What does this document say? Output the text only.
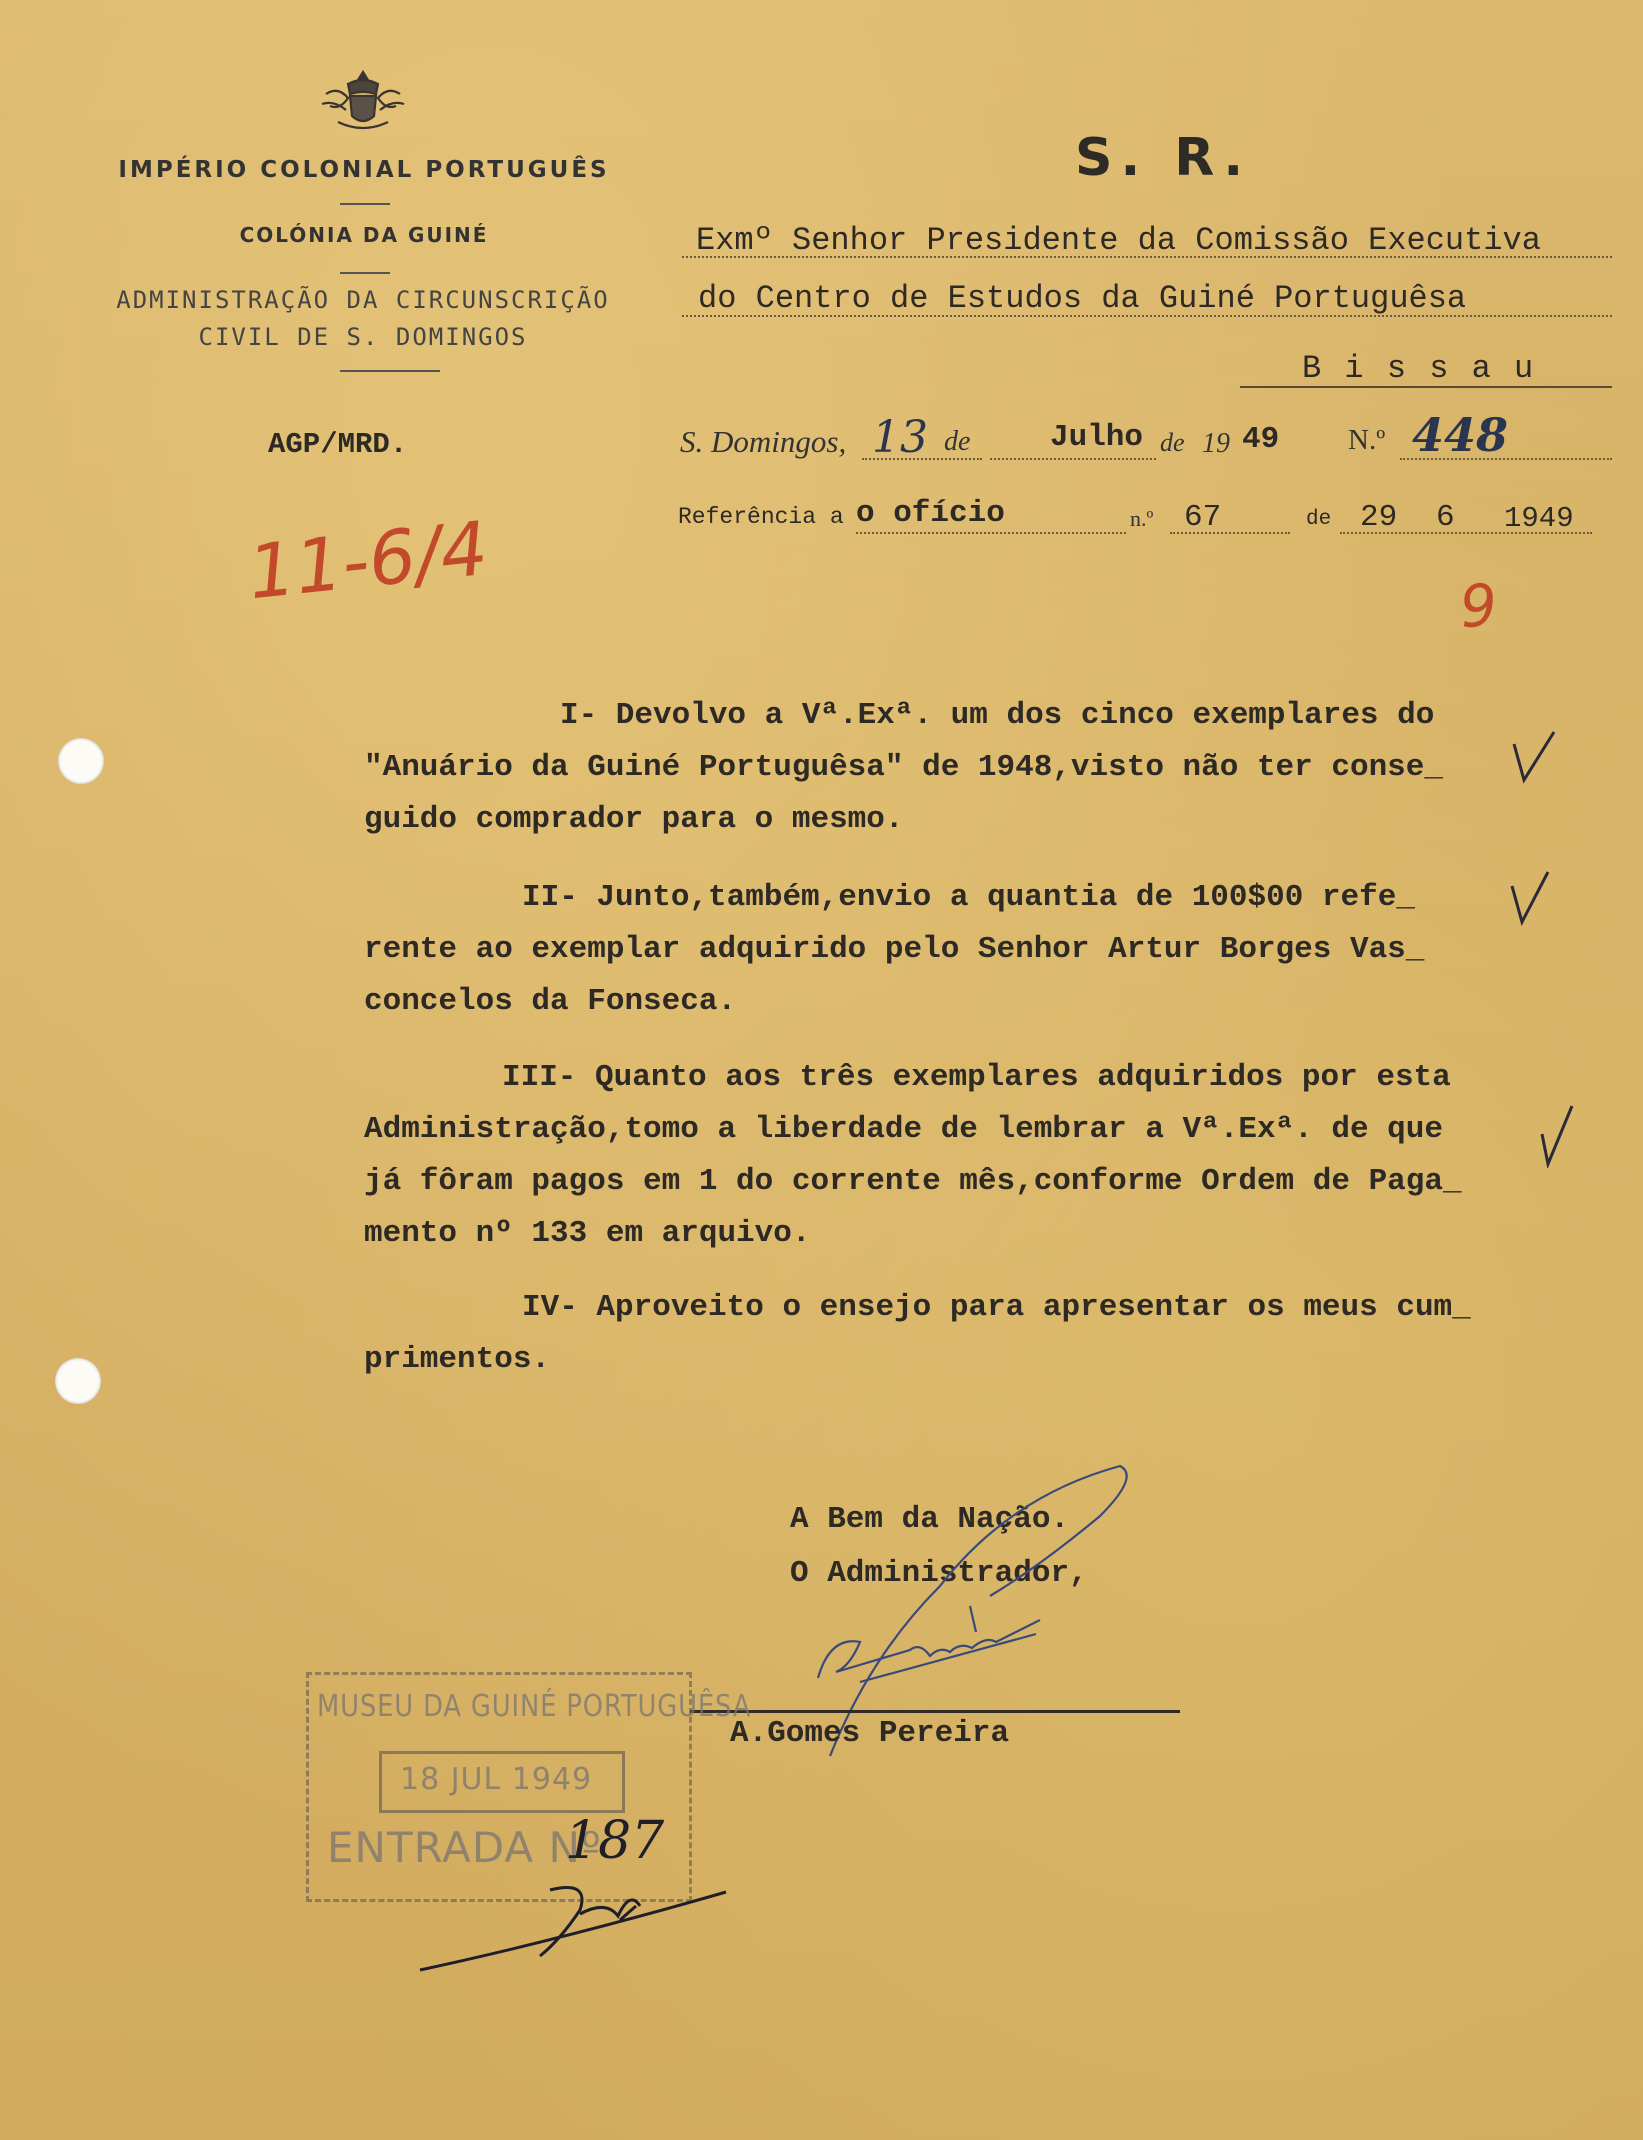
IMPÉRIO COLONIAL PORTUGUÊS
COLÓNIA DA GUINÉ
ADMINISTRAÇÃO DA CIRCUNSCRIÇÃO
CIVIL DE S. DOMINGOS
AGP/MRD.
11-6/4
S. R.
Exmº Senhor Presidente da Comissão Executiva
do Centro de Estudos da Guiné Portuguêsa
B i s s a u
S. Domingos, 13 de	Julho de 19 49 N.º 448
Referência a o ofício	n.º 67	de 29 6 1949
9
I- Devolvo a Vª.Exª. um dos cinco exemplares do
"Anuário da Guiné Portuguêsa" de 1948,visto não ter conse_
guido comprador para o mesmo.
II- Junto,também,envio a quantia de 100$00 refe_
rente ao exemplar adquirido pelo Senhor Artur Borges Vas_
concelos da Fonseca.
III- Quanto aos três exemplares adquiridos por esta
Administração,tomo a liberdade de lembrar a Vª.Exª. de que
já fôram pagos em 1 do corrente mês,conforme Ordem de Paga_
mento nº 133 em arquivo.
IV- Aproveito o ensejo para apresentar os meus cum_
primentos.
A Bem da Nação.
O Administrador,
A.Gomes Pereira
MUSEU DA GUINÉ PORTUGUÊSA
18 JUL 1949
ENTRADA Nº
187
